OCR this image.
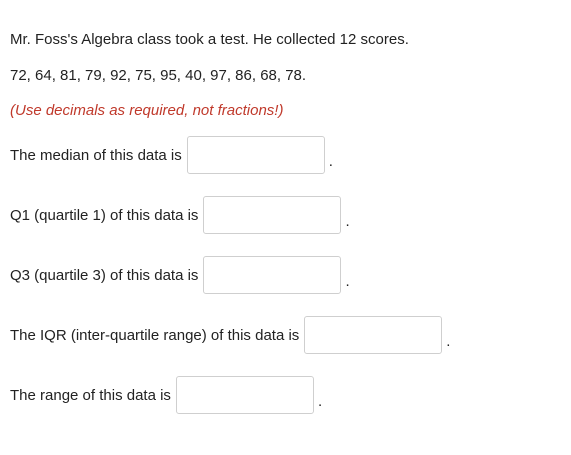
Mr. Foss's Algebra class took a test. He collected 12 scores.
72, 64, 81, 79, 92, 75, 95, 40, 97, 86, 68, 78.
(Use decimals as required, not fractions!)
The median of this data is	.
Q1 (quartile 1) of this data is	.
Q3 (quartile 3) of this data is	.
The IQR (inter-quartile range) of this data is	.
The range of this data is	.
